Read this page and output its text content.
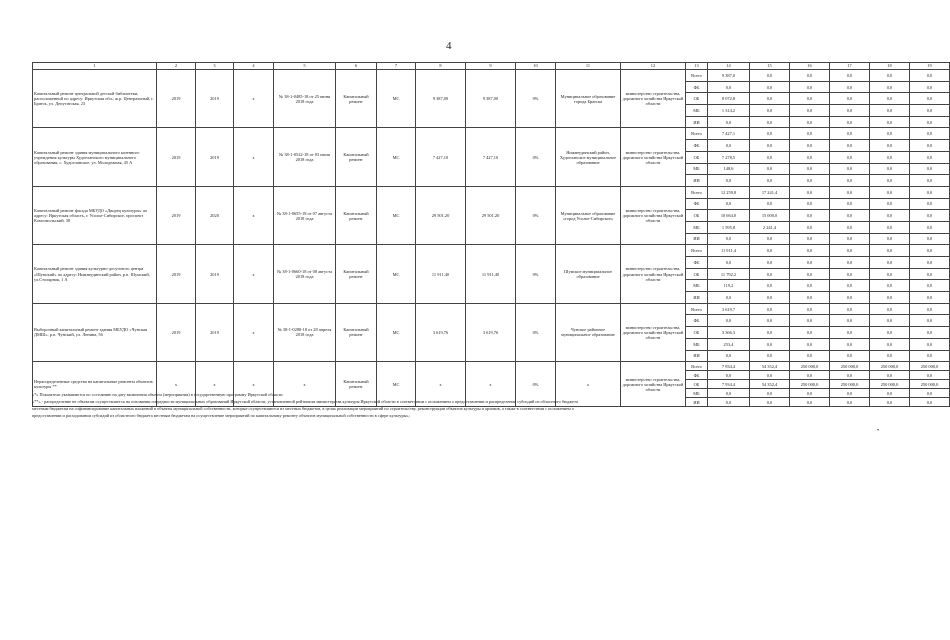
4
1	2	3	4	5	6	7	8	9	10	11	12	13	14	15	16	17	18	19
Капитальный ремонт центральной детской библиотеки, расположенной по адресу: Иркутская обл., ж.р. Центральный, г. Братск, ул. Депутатская, 23	2019	2019	x	№ 38-1-0485-18 от 25 июня 2018 года	Капитальный ремонт	МС	9 387,00	9 387,00	0%	Муниципальное образование города Братска	министерство строительства, дорожного хозяйства Иркутской области	Всего	9 387,0	0,0	0,0	0,0	0,0	0,0
												ФБ	0,0	0,0	0,0	0,0	0,0	0,0
												ОБ	8 072,8	0,0	0,0	0,0	0,0	0,0
												МБ	1 314,2	0,0	0,0	0,0	0,0	0,0
												ИИ	0,0	0,0	0,0	0,0	0,0	0,0
Капитальный ремонт здания муниципального казенного учреждения культуры Худоеланского муниципального образования, с. Худоеланское, ул. Молодежная, 45 А	2019	2019	x	№ 38-1-0522-18 от 03 июля 2018 года	Капитальный ремонт	МС	7 427,10	7 427,10	0%	Нижнеудинский район, Худоеланское муниципальное образование	министерство строительства, дорожного хозяйства Иркутской области	Всего	7 427,1	0,0	0,0	0,0	0,0	0,0
												ФБ	0,0	0,0	0,0	0,0	0,0	0,0
												ОБ	7 278,5	0,0	0,0	0,0	0,0	0,0
												МБ	148,6	0,0	0,0	0,0	0,0	0,0
												ИИ	0,0	0,0	0,0	0,0	0,0	0,0
Капитальный ремонт фасада МБУДО «Дворец культуры» по адресу: Иркутская область, г. Усолье-Сибирское, проспект Комсомольский, 30	2019	2020	x	№ 38-1-0655-18 от 07 августа 2018 года	Капитальный ремонт	МС	29 501,20	29 501,20	0%	Муниципальное образование «город Усолье-Сибирское»	министерство строительства, дорожного хозяйства Иркутской области	Всего	12 259,8	17 241,4	0,0	0,0	0,0	0,0
												ФБ	0,0	0,0	0,0	0,0	0,0	0,0
												ОБ	10 664,0	15 000,0	0,0	0,0	0,0	0,0
												МБ	1 595,8	2 241,4	0,0	0,0	0,0	0,0
												ИИ	0,0	0,0	0,0	0,0	0,0	0,0
Капитальный ремонт здания культурно-досугового центра «Шумский» по адресу: Нижнеудинский район, р.п. Шумский, ул.Столярная, 1 А	2019	2019	x	№ 38-1-0660-18 от 08 августа 2018 года	Капитальный ремонт	МС	11 911,40	11 911,40	0%	Шумское муниципальное образование	министерство строительства, дорожного хозяйства Иркутской области	Всего	11 911,4	0,0	0,0	0,0	0,0	0,0
												ФБ	0,0	0,0	0,0	0,0	0,0	0,0
												ОБ	11 792,2	0,0	0,0	0,0	0,0	0,0
												МБ	119,2	0,0	0,0	0,0	0,0	0,0
												ИИ	0,0	0,0	0,0	0,0	0,0	0,0
Выборочный капитальный ремонт здания МБУДО «Чунская ДМШ», р.п. Чунский, ул. Ленина, 56	2019	2019	x	№ 38-1-0288-18 от 28 апреля 2018 года	Капитальный ремонт	МС	3 619,76	3 619,76	0%	Чунское районное муниципальное образование	министерство строительства, дорожного хозяйства Иркутской области	Всего	3 619,7	0,0	0,0	0,0	0,0	0,0
												ФБ	0,0	0,0	0,0	0,0	0,0	0,0
												ОБ	3 366,3	0,0	0,0	0,0	0,0	0,0
												МБ	253,4	0,0	0,0	0,0	0,0	0,0
												ИИ	0,0	0,0	0,0	0,0	0,0	0,0
Нераспределенные средства на капитальные ремонты объектов культуры **	x	x	x	x	Капитальный ремонт	МС	x	x	0%	x	министерство строительства, дорожного хозяйства Иркутской области	Всего	7 934,4	54 352,4	250 000,0	250 000,0	250 000,0	250 000,0
												ФБ	0,0	0,0	0,0	0,0	0,0	0,0
												ОБ	7 934,4	54 352,4	250 000,0	250 000,0	250 000,0	250 000,0
												МБ	0,0	0,0	0,0	0,0	0,0	0,0
												ИИ	0,0	0,0	0,0	0,0	0,0	0,0

«*» Показатели указываются по состоянию на дату включения объекта (мероприятия) в государственную программу Иркутской области

«**» - распределение не объектам осуществляется на основании очередности муниципальных образований Иркутской области, установленной рейтингом министерства культуры Иркутской области в соответствии с положением о предоставлении и распределении субсидий из областного бюджета

местным бюджетам на софинансирование капитальных вложений в объекты муниципальной собственности, которые осуществляются из местных бюджетов, в целях реализации мероприятий по строительству, реконструкции объектов культуры и архивов, а также в соответствии с положением о

предоставлении и расходовании субсидий из областного бюджета местным бюджетам на осуществление мероприятий по капитальному ремонту объектов муниципальной собственности в сфере культуры»;

•
